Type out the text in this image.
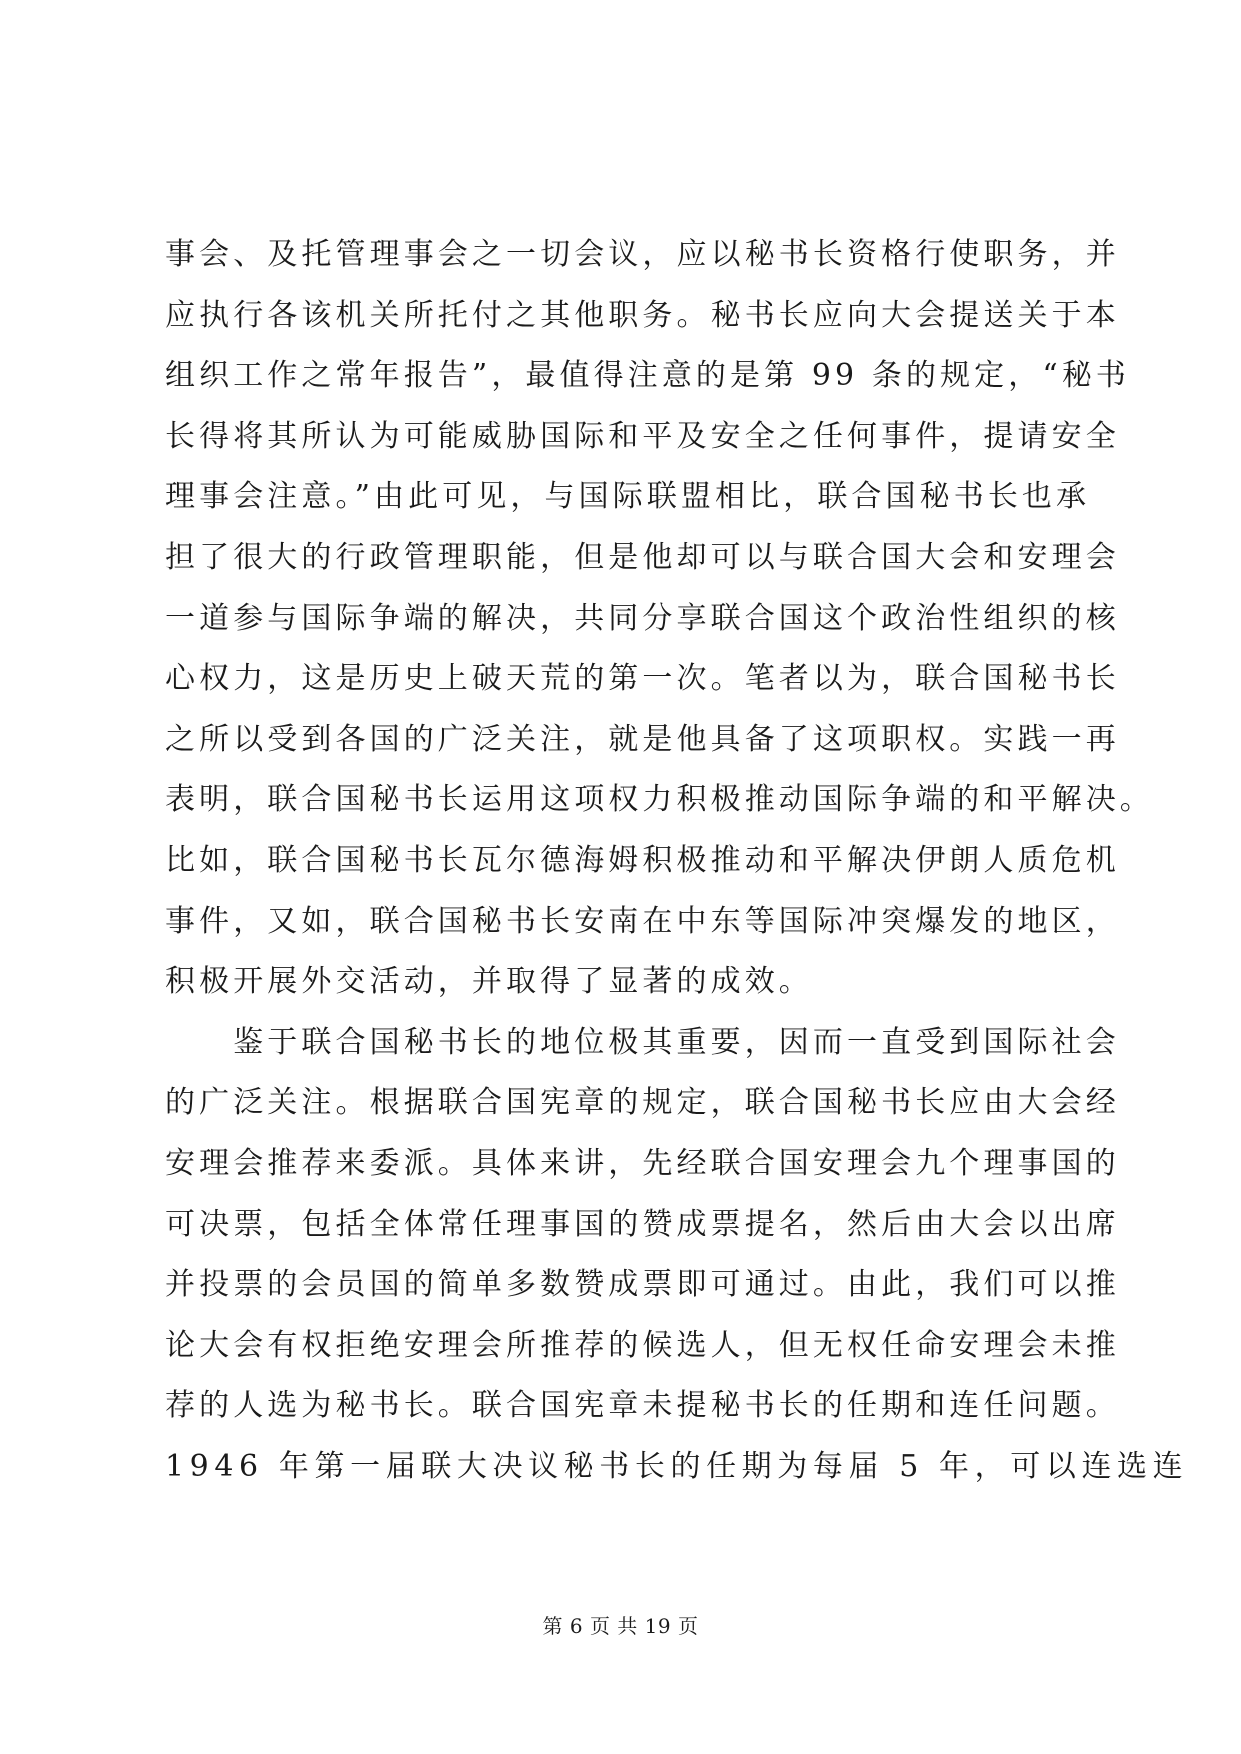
事会、及托管理事会之一切会议，应以秘书长资格行使职务，并
应执行各该机关所托付之其他职务。秘书长应向大会提送关于本
组织工作之常年报告”，最值得注意的是第 99 条的规定，“秘书
长得将其所认为可能威胁国际和平及安全之任何事件，提请安全
理事会注意。”由此可见，与国际联盟相比，联合国秘书长也承
担了很大的行政管理职能，但是他却可以与联合国大会和安理会
一道参与国际争端的解决，共同分享联合国这个政治性组织的核
心权力，这是历史上破天荒的第一次。笔者以为，联合国秘书长
之所以受到各国的广泛关注，就是他具备了这项职权。实践一再
表明，联合国秘书长运用这项权力积极推动国际争端的和平解决。
比如，联合国秘书长瓦尔德海姆积极推动和平解决伊朗人质危机
事件，又如，联合国秘书长安南在中东等国际冲突爆发的地区，
积极开展外交活动，并取得了显著的成效。
　　鉴于联合国秘书长的地位极其重要，因而一直受到国际社会
的广泛关注。根据联合国宪章的规定，联合国秘书长应由大会经
安理会推荐来委派。具体来讲，先经联合国安理会九个理事国的
可决票，包括全体常任理事国的赞成票提名，然后由大会以出席
并投票的会员国的简单多数赞成票即可通过。由此，我们可以推
论大会有权拒绝安理会所推荐的候选人，但无权任命安理会未推
荐的人选为秘书长。联合国宪章未提秘书长的任期和连任问题。
1946 年第一届联大决议秘书长的任期为每届 5 年，可以连选连
第 6 页 共 19 页
